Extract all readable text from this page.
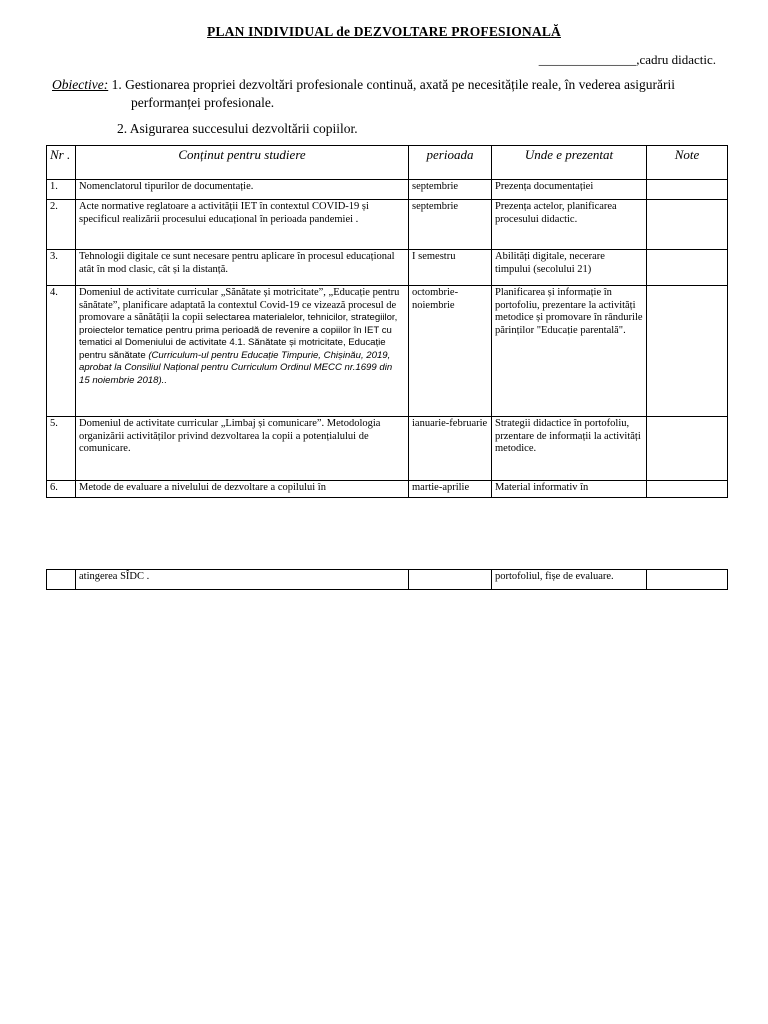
PLAN INDIVIDUAL de DEZVOLTARE PROFESIONALĂ
_______________,cadru didactic.
Obiective: 1. Gestionarea propriei dezvoltări profesionale continuă, axată pe necesitățile reale, în vederea asigurării
performanței profesionale.
2. Asigurarea succesului dezvoltării copiilor.
Nr .	Conținut pentru studiere	perioada	Unde e prezentat	Note
1.	Nomenclatorul tipurilor de documentație.	septembrie	Prezența documentației	
2.	Acte normative reglatoare a activității IET în contextul COVID-19 și specificul realizării procesului educațional în perioada pandemiei .	septembrie	Prezența actelor, planificarea procesului didactic.	
3.	Tehnologii digitale ce sunt necesare pentru aplicare în procesul educațional atât în mod clasic, cât și la distanță.	I semestru	Abilități digitale, necerare timpului (secolului 21)	
4.	Domeniul de activitate curricular „Sănătate și motricitate”, „Educație pentru sănătate”, planificare adaptată la contextul Covid-19 ce vizează procesul de promovare a sănătății la copii selectarea materialelor, tehnicilor, strategiilor, proiectelor tematice pentru prima perioadă de revenire a copiilor în IET cu tematici al Domeniului de activitate 4.1. Sănătate și motricitate, Educație pentru sănătate (Curriculum-ul pentru Educație Timpurie, Chișinău, 2019, aprobat la Consiliul Național pentru Curriculum Ordinul MECC nr.1699 din 15 noiembrie 2018)..	octombrie-noiembrie	Planificarea și informație în portofoliu, prezentare la activități metodice și promovare în rândurile părinților "Educație parentală".	
5.	Domeniul de activitate curricular „Limbaj și comunicare”. Metodologia organizării activităților privind dezvoltarea la copii a potențialului de comunicare.	ianuarie-februarie	Strategii didactice în portofoliu, przentare de informații la activități metodice.	
6.	Metode de evaluare a nivelului de dezvoltare a copilului în	martie-aprilie	Material informativ în	
	atingerea SÎDC .		portofoliul, fișe de evaluare.	
